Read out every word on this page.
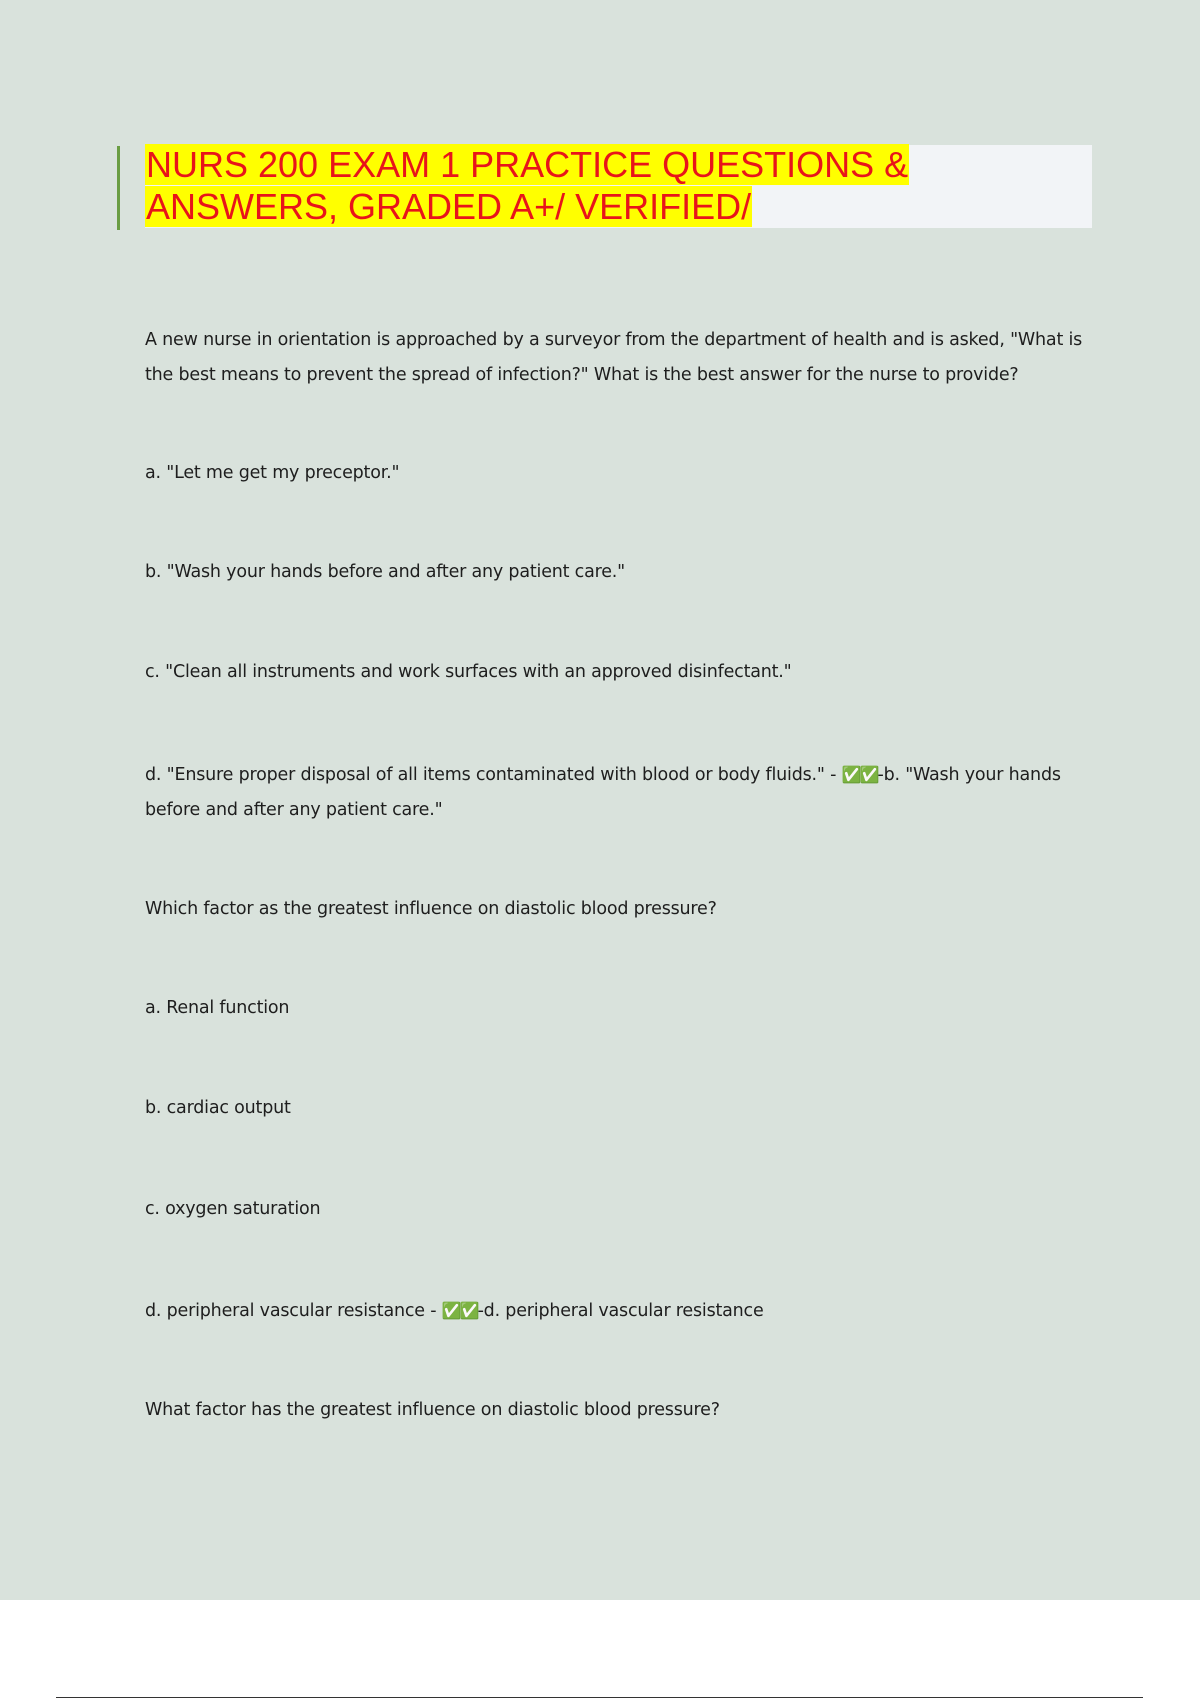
NURS 200 EXAM 1 PRACTICE QUESTIONS &
ANSWERS, GRADED A+/ VERIFIED/

A new nurse in orientation is approached by a surveyor from the department of health and is asked, "What is the best means to prevent the spread of infection?" What is the best answer for the nurse to provide?

a. "Let me get my preceptor."

b. "Wash your hands before and after any patient care."

c. "Clean all instruments and work surfaces with an approved disinfectant."

d. "Ensure proper disposal of all items contaminated with blood or body fluids." - ✅✅-b. "Wash your hands before and after any patient care."

Which factor as the greatest influence on diastolic blood pressure?

a. Renal function

b. cardiac output

c. oxygen saturation

d. peripheral vascular resistance - ✅✅-d. peripheral vascular resistance

What factor has the greatest influence on diastolic blood pressure?
